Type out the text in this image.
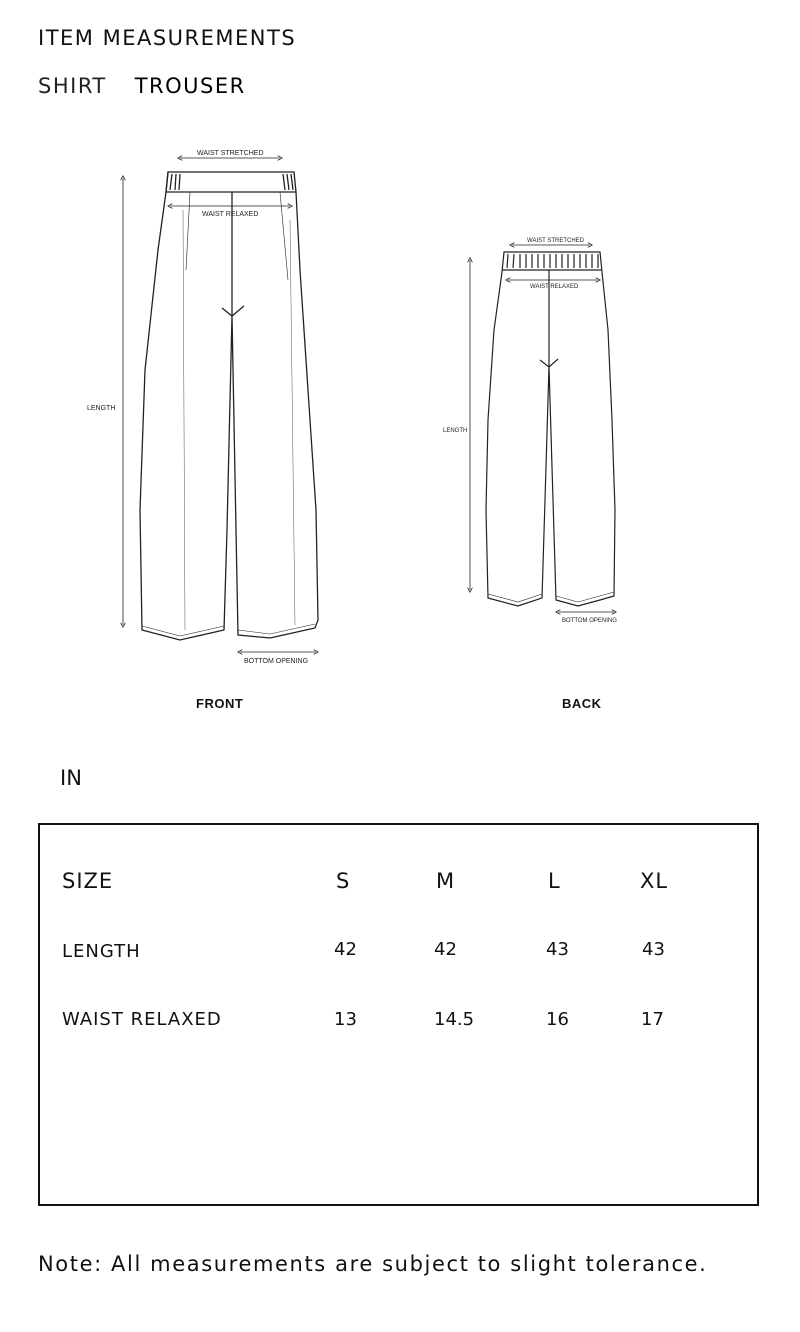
ITEM MEASUREMENTS
SHIRT TROUSER
WAIST STRETCHED
WAIST RELAXED
LENGTH
BOTTOM OPENING
WAIST STRETCHED
WAIST RELAXED
LENGTH
BOTTOM OPENING
FRONT	BACK
IN
SIZE	S	M	L	XL
LENGTH	42	42	43	43
WAIST RELAXED	13	14.5	16	17
Note: All measurements are subject to slight tolerance.
